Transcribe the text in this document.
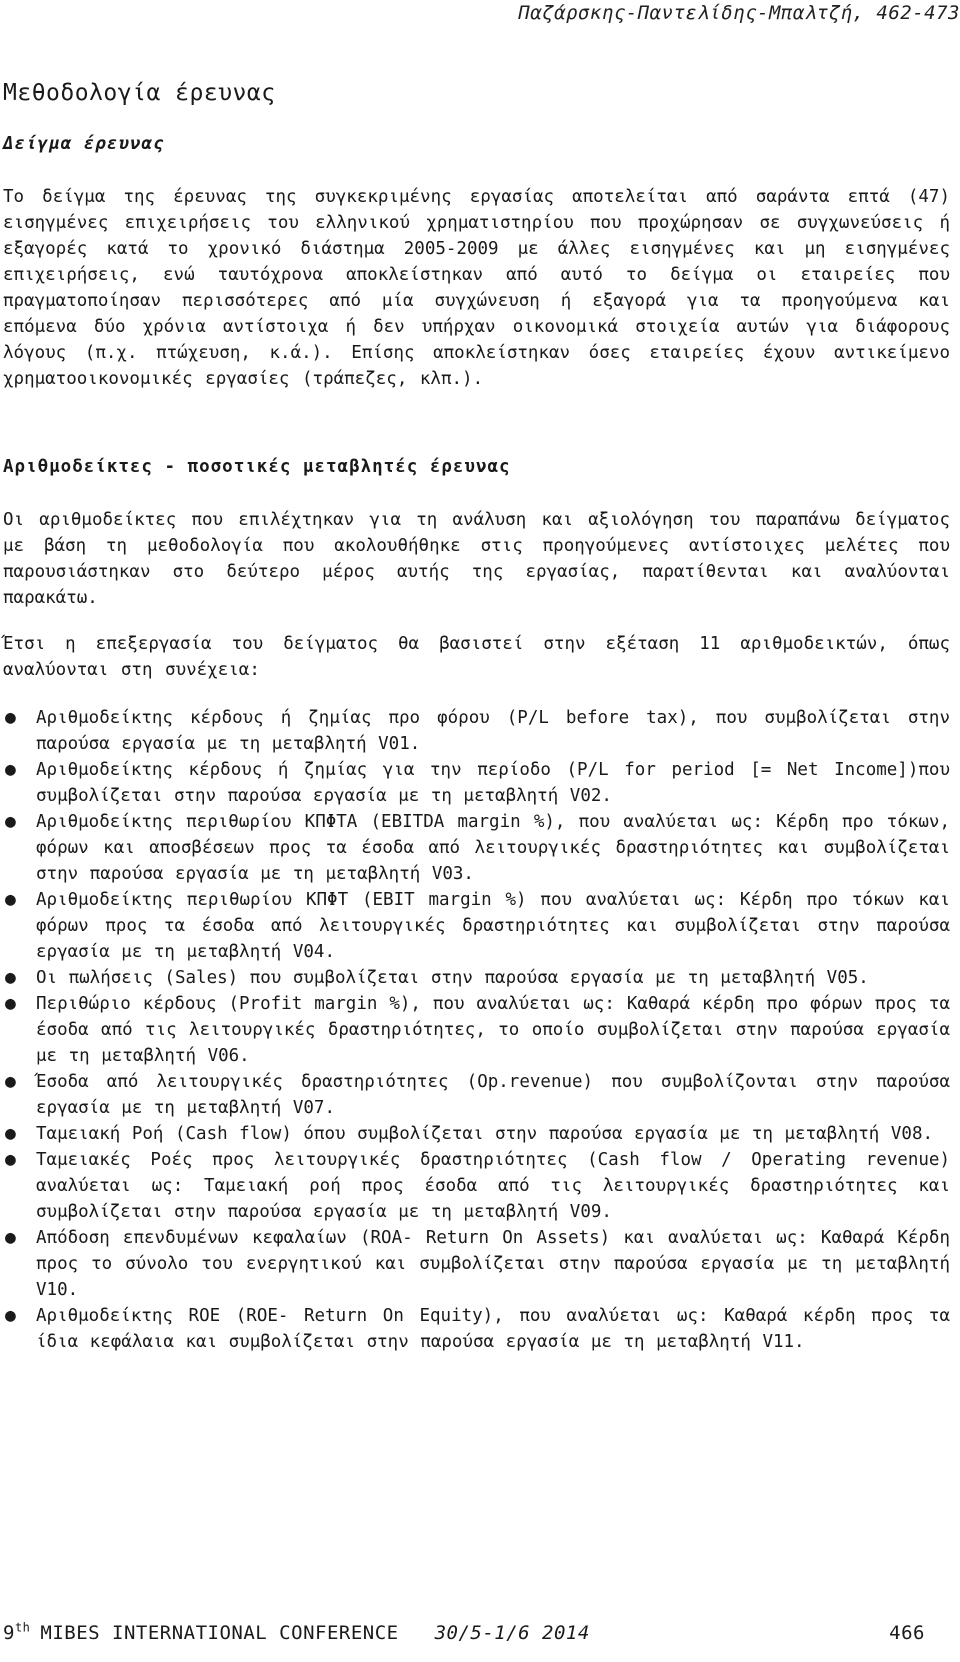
Παζάρσκης-Παντελίδης-Μπαλτζή, 462-473
Μεθοδολογία έρευνας
Δείγμα έρευνας
Το δείγμα της έρευνας της συγκεκριμένης εργασίας αποτελείται από σαράντα επτά (47) εισηγμένες επιχειρήσεις του ελληνικού χρηματιστηρίου που προχώρησαν σε συγχωνεύσεις ή εξαγορές κατά το χρονικό διάστημα 2005-2009 με άλλες εισηγμένες και μη εισηγμένες επιχειρήσεις, ενώ ταυτόχρονα αποκλείστηκαν από αυτό το δείγμα οι εταιρείες που πραγματοποίησαν περισσότερες από μία συγχώνευση ή εξαγορά για τα προηγούμενα και επόμενα δύο χρόνια αντίστοιχα ή δεν υπήρχαν οικονομικά στοιχεία αυτών για διάφορους λόγους (π.χ. πτώχευση, κ.ά.). Επίσης αποκλείστηκαν όσες εταιρείες έχουν αντικείμενο χρηματοοικονομικές εργασίες (τράπεζες, κλπ.).
Αριθμοδείκτες - ποσοτικές μεταβλητές έρευνας
Οι αριθμοδείκτες που επιλέχτηκαν για τη ανάλυση και αξιολόγηση του παραπάνω δείγματος με βάση τη μεθοδολογία που ακολουθήθηκε στις προηγούμενες αντίστοιχες μελέτες που παρουσιάστηκαν στο δεύτερο μέρος αυτής της εργασίας, παρατίθενται και αναλύονται παρακάτω.
Έτσι η επεξεργασία του δείγματος θα βασιστεί στην εξέταση 11 αριθμοδεικτών, όπως αναλύονται στη συνέχεια:
● Αριθμοδείκτης κέρδους ή ζημίας προ φόρου (P/L before tax), που συμβολίζεται στην παρούσα εργασία με τη μεταβλητή V01.
● Αριθμοδείκτης κέρδους ή ζημίας για την περίοδο (P/L for period [= Net Income])που συμβολίζεται στην παρούσα εργασία με τη μεταβλητή V02.
● Αριθμοδείκτης περιθωρίου ΚΠΦΤΑ (EBITDA margin %), που αναλύεται ως: Κέρδη προ τόκων, φόρων και αποσβέσεων προς τα έσοδα από λειτουργικές δραστηριότητες και συμβολίζεται στην παρούσα εργασία με τη μεταβλητή V03.
● Αριθμοδείκτης περιθωρίου ΚΠΦΤ (EBIT margin %) που αναλύεται ως: Κέρδη προ τόκων και φόρων προς τα έσοδα από λειτουργικές δραστηριότητες και συμβολίζεται στην παρούσα εργασία με τη μεταβλητή V04.
● Οι πωλήσεις (Sales) που συμβολίζεται στην παρούσα εργασία με τη μεταβλητή V05.
● Περιθώριο κέρδους (Profit margin %), που αναλύεται ως: Καθαρά κέρδη προ φόρων προς τα έσοδα από τις λειτουργικές δραστηριότητες, το οποίο συμβολίζεται στην παρούσα εργασία με τη μεταβλητή V06.
● Έσοδα από λειτουργικές δραστηριότητες (Op.revenue) που συμβολίζονται στην παρούσα εργασία με τη μεταβλητή V07.
● Ταμειακή Ροή (Cash flow) όπου συμβολίζεται στην παρούσα εργασία με τη μεταβλητή V08.
● Ταμειακές Ροές προς λειτουργικές δραστηριότητες (Cash flow / Operating revenue) αναλύεται ως: Ταμειακή ροή προς έσοδα από τις λειτουργικές δραστηριότητες και συμβολίζεται στην παρούσα εργασία με τη μεταβλητή V09.
● Απόδοση επενδυμένων κεφαλαίων (ROA- Return On Assets) και αναλύεται ως: Καθαρά Κέρδη προς το σύνολο του ενεργητικού και συμβολίζεται στην παρούσα εργασία με τη μεταβλητή V10.
● Αριθμοδείκτης ROE (ROE- Return On Equity), που αναλύεται ως: Καθαρά κέρδη προς τα ίδια κεφάλαια και συμβολίζεται στην παρούσα εργασία με τη μεταβλητή V11.
9th MIBES INTERNATIONAL CONFERENCE 30/5-1/6 2014	466
